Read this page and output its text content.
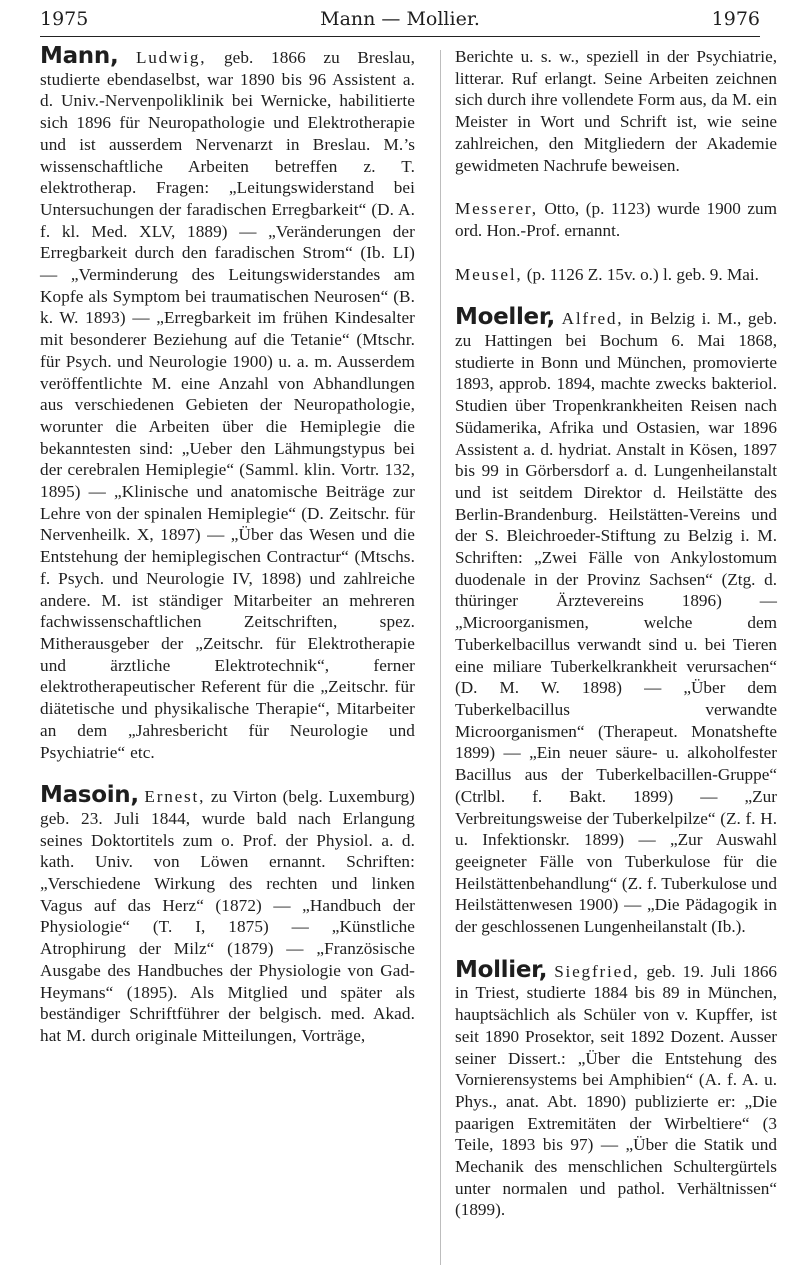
1975	Mann — Mollier.	1976

Mann, Ludwig, geb. 1866 zu Breslau, studierte ebendaselbst, war 1890 bis 96 Assistent a. d. Univ.-Nervenpoliklinik bei Wernicke, habilitierte sich 1896 für Neuropathologie und Elektrotherapie und ist ausserdem Nervenarzt in Breslau. M.’s wissenschaftliche Arbeiten betreffen z. T. elektrotherap. Fragen: „Leitungswiderstand bei Untersuchungen der faradischen Erregbarkeit“ (D. A. f. kl. Med. XLV, 1889) — „Veränderungen der Erregbarkeit durch den faradischen Strom“ (Ib. LI) — „Verminderung des Leitungswiderstandes am Kopfe als Symptom bei traumatischen Neurosen“ (B. k. W. 1893) — „Erregbarkeit im frühen Kindesalter mit besonderer Beziehung auf die Tetanie“ (Mtschr. für Psych. und Neurologie 1900) u. a. m. Ausserdem veröffentlichte M. eine Anzahl von Abhandlungen aus verschiedenen Gebieten der Neuropathologie, worunter die Arbeiten über die Hemiplegie die bekanntesten sind: „Ueber den Lähmungstypus bei der cerebralen Hemiplegie“ (Samml. klin. Vortr. 132, 1895) — „Klinische und anatomische Beiträge zur Lehre von der spinalen Hemiplegie“ (D. Zeitschr. für Nervenheilk. X, 1897) — „Über das Wesen und die Entstehung der hemiplegischen Contractur“ (Mtschs. f. Psych. und Neurologie IV, 1898) und zahlreiche andere. M. ist ständiger Mitarbeiter an mehreren fachwissenschaftlichen Zeitschriften, spez. Mitherausgeber der „Zeitschr. für Elektrotherapie und ärztliche Elektrotechnik“, ferner elektrotherapeutischer Referent für die „Zeitschr. für diätetische und physikalische Therapie“, Mitarbeiter an dem „Jahresbericht für Neurologie und Psychiatrie“ etc.

Masoin, Ernest, zu Virton (belg. Luxemburg) geb. 23. Juli 1844, wurde bald nach Erlangung seines Doktortitels zum o. Prof. der Physiol. a. d. kath. Univ. von Löwen ernannt. Schriften: „Verschiedene Wirkung des rechten und linken Vagus auf das Herz“ (1872) — „Handbuch der Physiologie“ (T. I, 1875) — „Künstliche Atrophirung der Milz“ (1879) — „Französische Ausgabe des Handbuches der Physiologie von Gad-Heymans“ (1895). Als Mitglied und später als beständiger Schriftführer der belgisch. med. Akad. hat M. durch originale Mitteilungen, Vorträge,

Berichte u. s. w., speziell in der Psychiatrie, litterar. Ruf erlangt. Seine Arbeiten zeichnen sich durch ihre vollendete Form aus, da M. ein Meister in Wort und Schrift ist, wie seine zahlreichen, den Mitgliedern der Akademie gewidmeten Nachrufe beweisen.

Messerer, Otto, (p. 1123) wurde 1900 zum ord. Hon.-Prof. ernannt.

Meusel, (p. 1126 Z. 15v. o.) l. geb. 9. Mai.

Moeller, Alfred, in Belzig i. M., geb. zu Hattingen bei Bochum 6. Mai 1868, studierte in Bonn und München, promovierte 1893, approb. 1894, machte zwecks bakteriol. Studien über Tropenkrankheiten Reisen nach Südamerika, Afrika und Ostasien, war 1896 Assistent a. d. hydriat. Anstalt in Kösen, 1897 bis 99 in Görbersdorf a. d. Lungenheilanstalt und ist seitdem Direktor d. Heilstätte des Berlin-Brandenburg. Heilstätten-Vereins und der S. Bleichroeder-Stiftung zu Belzig i. M. Schriften: „Zwei Fälle von Ankylostomum duodenale in der Provinz Sachsen“ (Ztg. d. thüringer Ärztevereins 1896) — „Microorganismen, welche dem Tuberkelbacillus verwandt sind u. bei Tieren eine miliare Tuberkelkrankheit verursachen“ (D. M. W. 1898) — „Über dem Tuberkelbacillus verwandte Microorganismen“ (Therapeut. Monatshefte 1899) — „Ein neuer säure- u. alkoholfester Bacillus aus der Tuberkelbacillen-Gruppe“ (Ctrlbl. f. Bakt. 1899) — „Zur Verbreitungsweise der Tuberkelpilze“ (Z. f. H. u. Infektionskr. 1899) — „Zur Auswahl geeigneter Fälle von Tuberkulose für die Heilstättenbehandlung“ (Z. f. Tuberkulose und Heilstättenwesen 1900) — „Die Pädagogik in der geschlossenen Lungenheilanstalt (Ib.).

Mollier, Siegfried, geb. 19. Juli 1866 in Triest, studierte 1884 bis 89 in München, hauptsächlich als Schüler von v. Kupffer, ist seit 1890 Prosektor, seit 1892 Dozent. Ausser seiner Dissert.: „Über die Entstehung des Vornierensystems bei Amphibien“ (A. f. A. u. Phys., anat. Abt. 1890) publizierte er: „Die paarigen Extremitäten der Wirbeltiere“ (3 Teile, 1893 bis 97) — „Über die Statik und Mechanik des menschlichen Schultergürtels unter normalen und pathol. Verhältnissen“ (1899).
